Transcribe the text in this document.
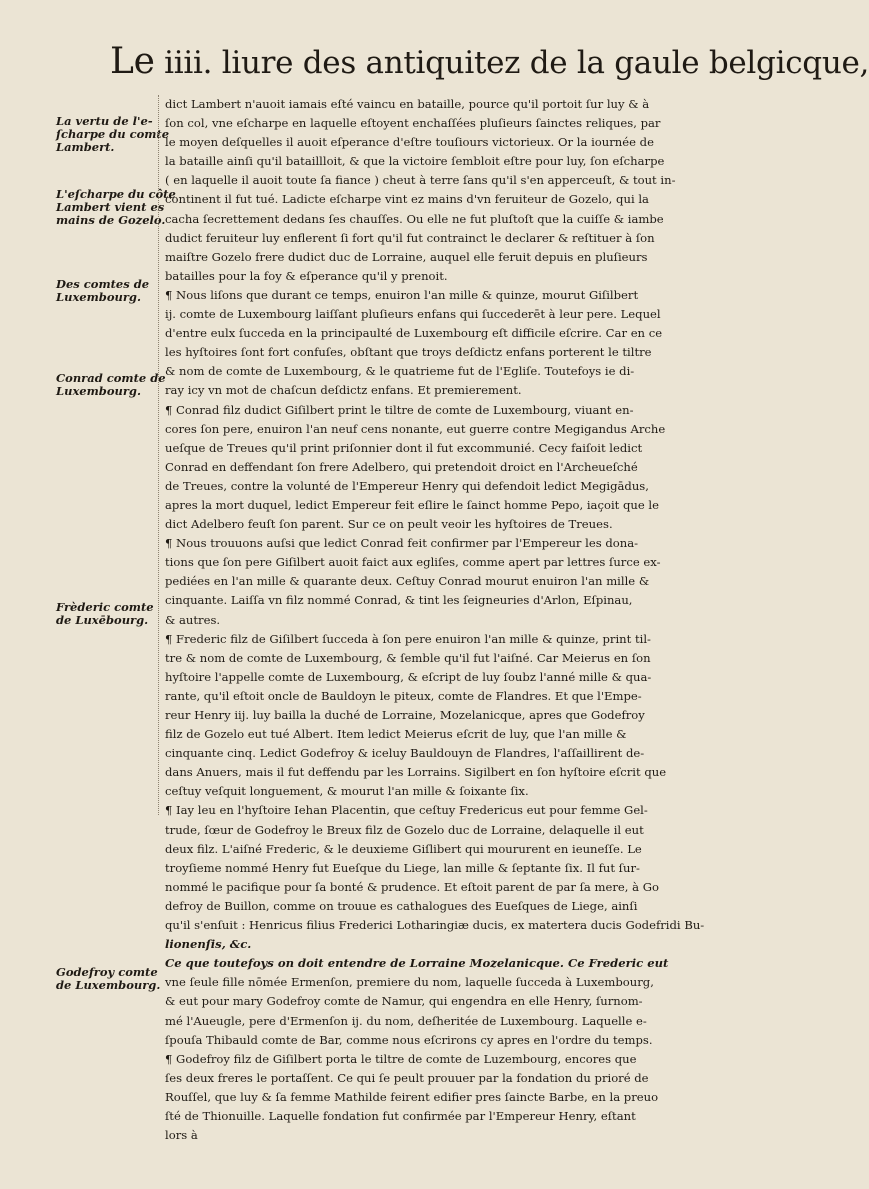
Le iiii. liure des antiquitez de la gaule belgicque,
La vertu de l'e-
ſcharpe du comte
Lambert.
L'eſcharpe du côte
Lambert vient es
mains de Gozelo.
Des comtes de
Luxembourg.
Conrad comte de
Luxembourg.
Frèderic comte
de Luxēbourg.
Godefroy comte
de Luxembourg.
dict Lambert n'auoit iamais eſté vaincu en bataille, pource qu'il portoit ſur luy & à
ſon col, vne eſcharpe en laquelle eſtoyent enchaſſées pluſieurs ſainctes reliques, par
le moyen deſquelles il auoit eſperance d'eſtre touſiours victorieux. Or la iournée de
la bataille ainſi qu'il bataillloit, & que la victoire ſembloit eſtre pour luy, ſon eſcharpe
( en laquelle il auoit toute ſa fiance ) cheut à terre ſans qu'il s'en apperceuſt, & tout in-
continent il fut tué. Ladicte eſcharpe vint ez mains d'vn feruiteur de Gozelo, qui la
cacha ſecrettement dedans ſes chauſſes. Ou elle ne fut pluſtoſt que la cuiſſe & iambe
dudict feruiteur luy enflerent ſi fort qu'il fut contrainct le declarer & reſtituer à ſon
maiſtre Gozelo frere dudict duc de Lorraine, auquel elle feruit depuis en pluſieurs
batailles pour la foy & eſperance qu'il y prenoit.
¶ Nous liſons que durant ce temps, enuiron l'an mille & quinze, mourut Giſilbert
ij. comte de Luxembourg laiſſant pluſieurs enfans qui ſuccederēt à leur pere. Lequel
d'entre eulx ſucceda en la principaulté de Luxembourg eſt difficile eſcrire. Car en ce
les hyſtoires ſont fort confuſes, obſtant que troys deſdictz enfans porterent le tiltre
& nom de comte de Luxembourg, & le quatrieme fut de l'Egliſe. Toutefoys ie di-
ray icy vn mot de chaſcun deſdictz enfans. Et premierement.
¶ Conrad filz dudict Giſilbert print le tiltre de comte de Luxembourg, viuant en-
cores ſon pere, enuiron l'an neuf cens nonante, eut guerre contre Megigandus Arche
ueſque de Treues qu'il print priſonnier dont il fut excommunié. Cecy faiſoit ledict
Conrad en deffendant ſon frere Adelbero, qui pretendoit droict en l'Archeueſché
de Treues, contre la volunté de l'Empereur Henry qui defendoit ledict Megigādus,
apres la mort duquel, ledict Empereur feit eſlire le ſainct homme Pepo, iaçoit que le
dict Adelbero feuſt ſon parent. Sur ce on peult veoir les hyſtoires de Treues.
¶ Nous trouuons auſsi que ledict Conrad feit confirmer par l'Empereur les dona-
tions que ſon pere Giſilbert auoit faict aux egliſes, comme apert par lettres ſurce ex-
pediées en l'an mille & quarante deux. Ceſtuy Conrad mourut enuiron l'an mille &
cinquante. Laiſſa vn filz nommé Conrad, & tint les ſeigneuries d'Arlon, Eſpinau,
& autres.
¶ Frederic filz de Giſilbert ſucceda à ſon pere enuiron l'an mille & quinze, print til-
tre & nom de comte de Luxembourg, & ſemble qu'il fut l'aiſné. Car Meierus en ſon
hyſtoire l'appelle comte de Luxembourg, & eſcript de luy ſoubz l'anné mille & qua-
rante, qu'il eſtoit oncle de Bauldoyn le piteux, comte de Flandres. Et que l'Empe-
reur Henry iij. luy bailla la duché de Lorraine, Mozelanicque, apres que Godefroy
filz de Gozelo eut tué Albert. Item ledict Meierus eſcrit de luy, que l'an mille &
cinquante cinq. Ledict Godefroy & iceluy Bauldouyn de Flandres, l'aſſaillirent de-
dans Anuers, mais il fut deffendu par les Lorrains. Sigilbert en ſon hyſtoire eſcrit que
ceſtuy veſquit longuement, & mourut l'an mille & ſoixante ſix.
¶ Iay leu en l'hyſtoire Iehan Placentin, que ceſtuy Fredericus eut pour femme Gel-
trude, ſœur de Godefroy le Breux filz de Gozelo duc de Lorraine, delaquelle il eut
deux filz. L'aiſné Frederic, & le deuxieme Giſlibert qui moururent en ieuneſſe. Le
troyſieme nommé Henry fut Eueſque du Liege, lan mille & ſeptante ſix. Il fut ſur-
nommé le pacifique pour ſa bonté & prudence. Et eſtoit parent de par ſa mere, à Go
defroy de Buillon, comme on trouue es cathalogues des Eueſques de Liege, ainſi
qu'il s'enſuit : Henricus filius Frederici Lotharingiæ ducis, ex matertera ducis Godefridi Bu-
lionenſis, &c.
Ce que toutefoys on doit entendre de Lorraine Mozelanicque. Ce Frederic eut
vne ſeule fille nōmée Ermenſon, premiere du nom, laquelle ſucceda à Luxembourg,
& eut pour mary Godefroy comte de Namur, qui engendra en elle Henry, ſurnom-
mé l'Aueugle, pere d'Ermenſon ij. du nom, deſheritée de Luxembourg. Laquelle e-
ſpouſa Thibauld comte de Bar, comme nous eſcrirons cy apres en l'ordre du temps.
¶ Godefroy filz de Giſilbert porta le tiltre de comte de Luzembourg, encores que
ſes deux freres le portaſſent. Ce qui ſe peult prouuer par la fondation du prioré de
Rouſſel, que luy & ſa femme Mathilde feirent edifier pres ſaincte Barbe, en la preuo
ſté de Thionuille. Laquelle fondation fut confirmée par l'Empereur Henry, eſtant
lors à
